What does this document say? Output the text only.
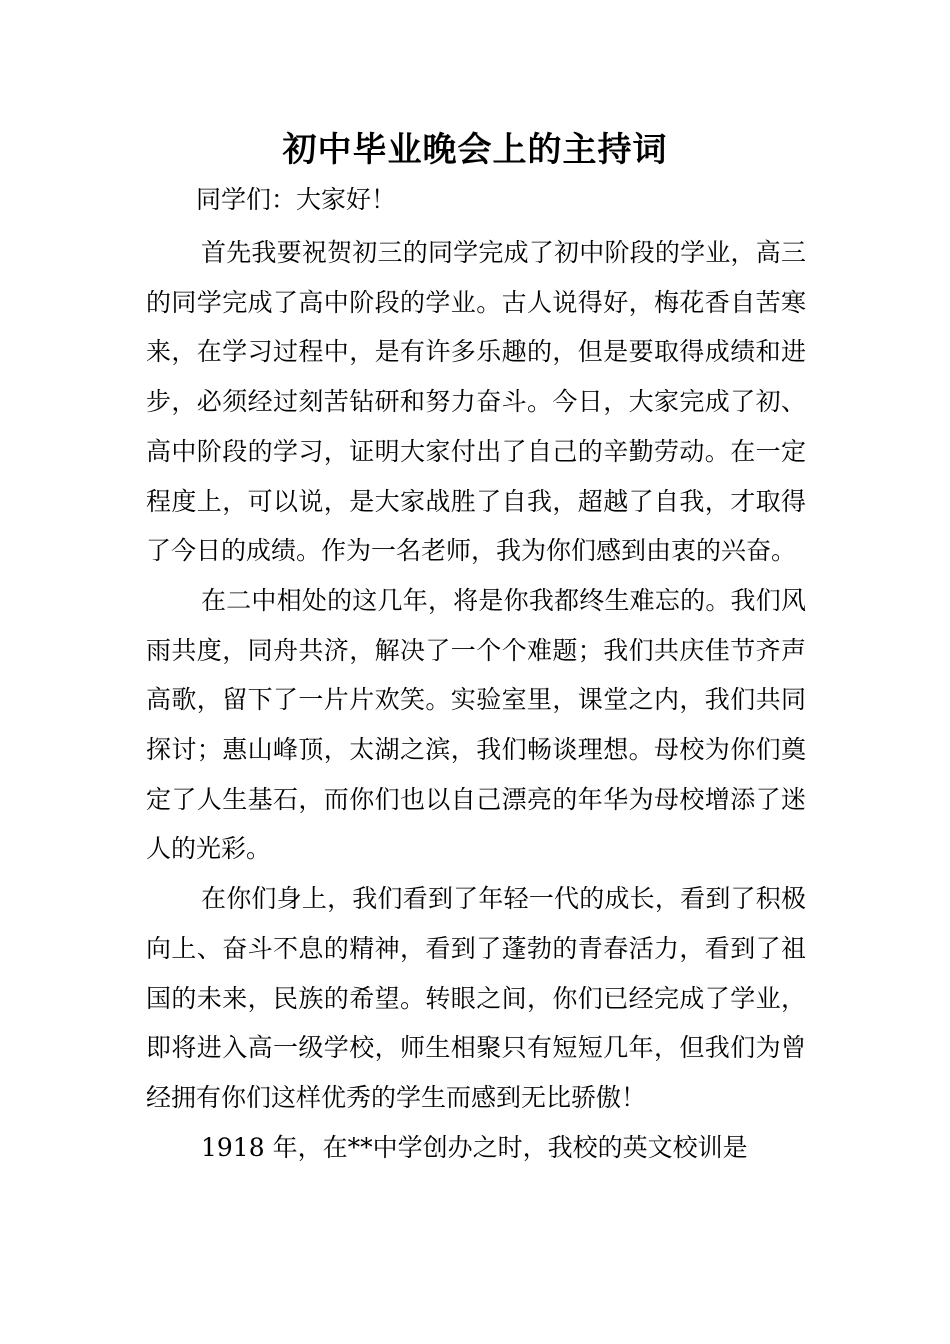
初中毕业晚会上的主持词
同学们：大家好！

首先我要祝贺初三的同学完成了初中阶段的学业，高三的同学完成了高中阶段的学业。古人说得好，梅花香自苦寒来，在学习过程中，是有许多乐趣的，但是要取得成绩和进步，必须经过刻苦钻研和努力奋斗。今日，大家完成了初、高中阶段的学习，证明大家付出了自己的辛勤劳动。在一定程度上，可以说，是大家战胜了自我，超越了自我，才取得了今日的成绩。作为一名老师，我为你们感到由衷的兴奋。

在二中相处的这几年，将是你我都终生难忘的。我们风雨共度，同舟共济，解决了一个个难题；我们共庆佳节齐声高歌，留下了一片片欢笑。实验室里，课堂之内，我们共同探讨；惠山峰顶，太湖之滨，我们畅谈理想。母校为你们奠定了人生基石，而你们也以自己漂亮的年华为母校增添了迷人的光彩。

在你们身上，我们看到了年轻一代的成长，看到了积极向上、奋斗不息的精神，看到了蓬勃的青春活力，看到了祖国的未来，民族的希望。转眼之间，你们已经完成了学业，即将进入高一级学校，师生相聚只有短短几年，但我们为曾经拥有你们这样优秀的学生而感到无比骄傲！

1918 年，在**中学创办之时，我校的英文校训是
